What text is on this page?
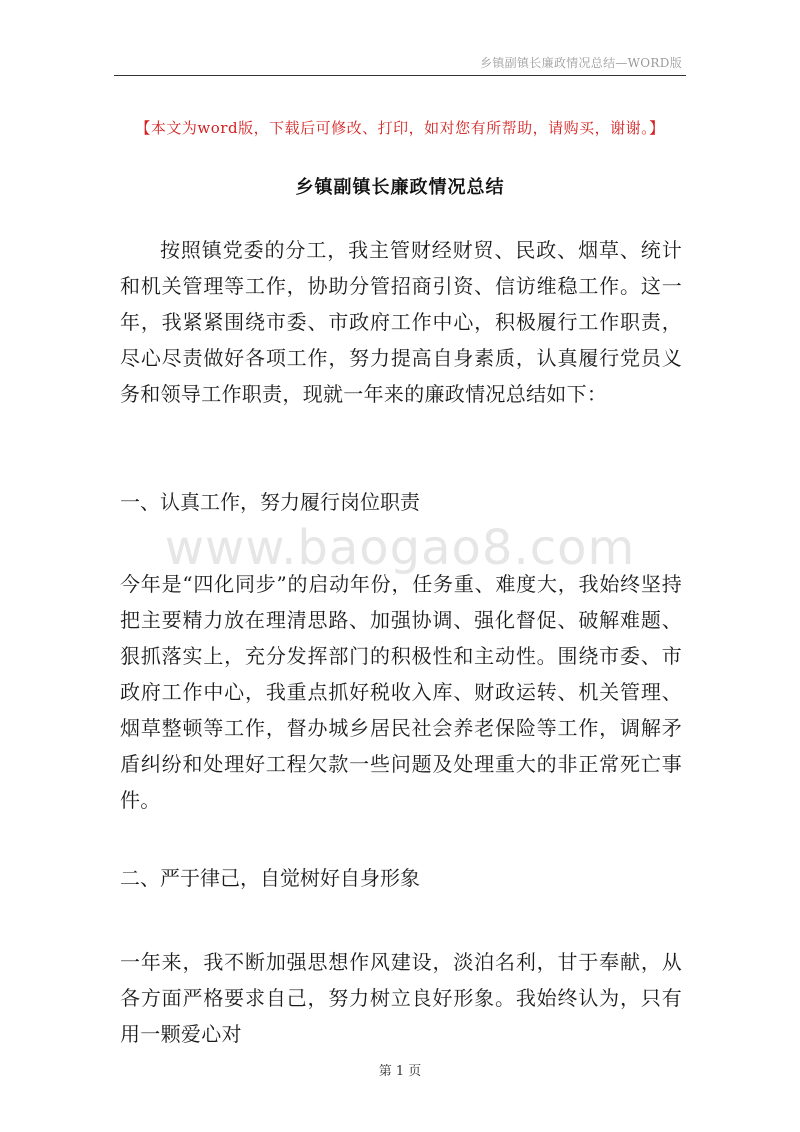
乡镇副镇长廉政情况总结—WORD版
【本文为word版，下载后可修改、打印，如对您有所帮助，请购买，谢谢。】
乡镇副镇长廉政情况总结

按照镇党委的分工，我主管财经财贸、民政、烟草、统计和机关管理等工作，协助分管招商引资、信访维稳工作。这一年，我紧紧围绕市委、市政府工作中心，积极履行工作职责，尽心尽责做好各项工作，努力提高自身素质，认真履行党员义务和领导工作职责，现就一年来的廉政情况总结如下：

一、认真工作，努力履行岗位职责

www.baogao8.com

今年是“四化同步”的启动年份，任务重、难度大，我始终坚持把主要精力放在理清思路、加强协调、强化督促、破解难题、狠抓落实上，充分发挥部门的积极性和主动性。围绕市委、市政府工作中心，我重点抓好税收入库、财政运转、机关管理、烟草整顿等工作，督办城乡居民社会养老保险等工作，调解矛盾纠纷和处理好工程欠款一些问题及处理重大的非正常死亡事件。

二、严于律己，自觉树好自身形象

一年来，我不断加强思想作风建设，淡泊名利，甘于奉献，从各方面严格要求自己，努力树立良好形象。我始终认为，只有用一颗爱心对

第 1 页
